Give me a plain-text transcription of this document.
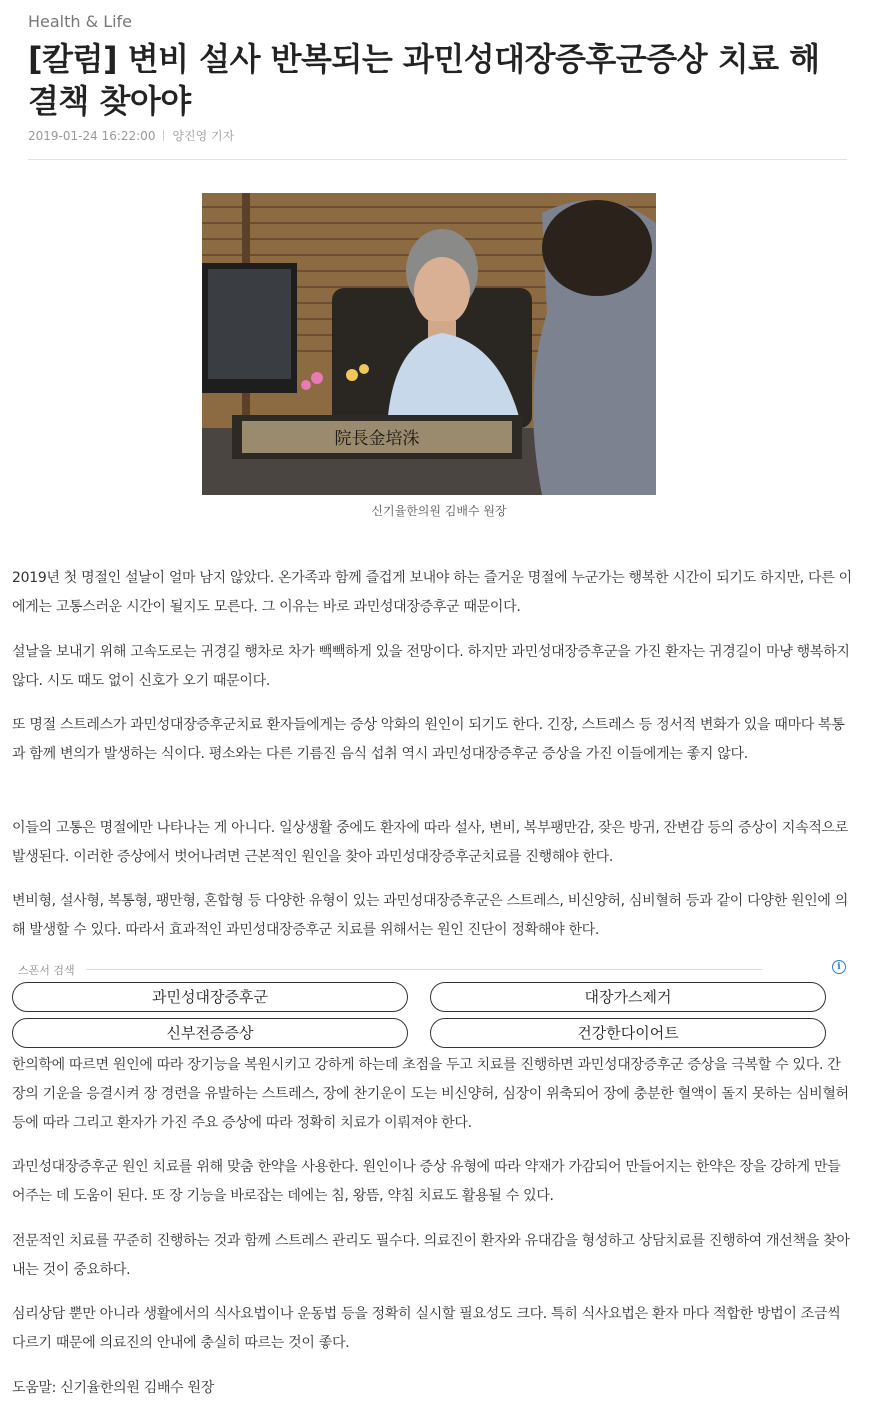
Health & Life
[칼럼] 변비 설사 반복되는 과민성대장증후군증상 치료 해결책 찾아야
2019-01-24 16:22:00 양진영 기자
院長金培洙
신기율한의원 김배수 원장

2019년 첫 명절인 설날이 얼마 남지 않았다. 온가족과 함께 즐겁게 보내야 하는 즐거운 명절에 누군가는 행복한 시간이 되기도 하지만, 다른 이에게는 고통스러운 시간이 될지도 모른다. 그 이유는 바로 과민성대장증후군 때문이다.

설날을 보내기 위해 고속도로는 귀경길 행차로 차가 빽빽하게 있을 전망이다. 하지만 과민성대장증후군을 가진 환자는 귀경길이 마냥 행복하지 않다. 시도 때도 없이 신호가 오기 때문이다.

또 명절 스트레스가 과민성대장증후군치료 환자들에게는 증상 악화의 원인이 되기도 한다. 긴장, 스트레스 등 정서적 변화가 있을 때마다 복통과 함께 변의가 발생하는 식이다. 평소와는 다른 기름진 음식 섭취 역시 과민성대장증후군 증상을 가진 이들에게는 좋지 않다.

이들의 고통은 명절에만 나타나는 게 아니다. 일상생활 중에도 환자에 따라 설사, 변비, 복부팽만감, 잦은 방귀, 잔변감 등의 증상이 지속적으로 발생된다. 이러한 증상에서 벗어나려면 근본적인 원인을 찾아 과민성대장증후군치료를 진행해야 한다.

변비형, 설사형, 복통형, 팽만형, 혼합형 등 다양한 유형이 있는 과민성대장증후군은 스트레스, 비신양허, 심비혈허 등과 같이 다양한 원인에 의해 발생할 수 있다. 따라서 효과적인 과민성대장증후군 치료를 위해서는 원인 진단이 정확해야 한다.

스폰서 검색	i
과민성대장증후군	대장가스제거
신부전증증상	건강한다이어트

한의학에 따르면 원인에 따라 장기능을 복원시키고 강하게 하는데 초점을 두고 치료를 진행하면 과민성대장증후군 증상을 극복할 수 있다. 간장의 기운을 응결시켜 장 경련을 유발하는 스트레스, 장에 찬기운이 도는 비신양허, 심장이 위축되어 장에 충분한 혈액이 돌지 못하는 심비혈허 등에 따라 그리고 환자가 가진 주요 증상에 따라 정확히 치료가 이뤄져야 한다.

과민성대장증후군 원인 치료를 위해 맞춤 한약을 사용한다. 원인이나 증상 유형에 따라 약재가 가감되어 만들어지는 한약은 장을 강하게 만들어주는 데 도움이 된다. 또 장 기능을 바로잡는 데에는 침, 왕뜸, 약침 치료도 활용될 수 있다.

전문적인 치료를 꾸준히 진행하는 것과 함께 스트레스 관리도 필수다. 의료진이 환자와 유대감을 형성하고 상담치료를 진행하여 개선책을 찾아내는 것이 중요하다.

심리상담 뿐만 아니라 생활에서의 식사요법이나 운동법 등을 정확히 실시할 필요성도 크다. 특히 식사요법은 환자 마다 적합한 방법이 조금씩 다르기 때문에 의료진의 안내에 충실히 따르는 것이 좋다.

도움말: 신기율한의원 김배수 원장
